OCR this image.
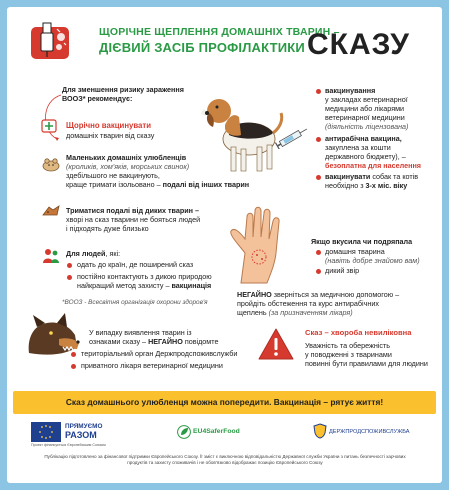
ЩОРІЧНЕ ЩЕПЛЕННЯ ДОМАШНІХ ТВАРИН –
ДІЄВИЙ ЗАСІБ ПРОФІЛАКТИКИ СКАЗУ
Для зменшення ризику зараження
ВООЗ* рекомендує:
Щорічно вакцинувати
домашніх тварин від сказу
Маленьких домашніх улюбленців
(кроликів, хом'яків, морських свинок)
здебільшого не вакцинують,
краще тримати ізольовано – подалі від інших тварин
Триматися подалі від диких тварин –
хворі на сказ тварини не бояться людей
і підходять дуже близько
Для людей, які:
одать до країн, де поширений сказ
постійно контактують з дикою природою
найкращий метод захисту – вакцинація
*ВООЗ - Всесвітня організація охорони здоров'я
вакцинування
у закладах ветеринарної
медицини або лікарями
ветеринарної медицини
(діяльність ліцензована)
антирабічна вакцина,
закуплена за кошти
державного бюджету), –
безоплатна для населення
вакцинувати собак та котів
необхідно з 3-х міс. віку
Якщо вкусила чи подряпала
домашня тварина
(навіть добре знайомо вам)
дикий звір
НЕГАЙНО зверніться за медичною допомогою –
пройдіть обстеження та курс антирабічних
щеплень (за призначенням лікаря)
У випадку виявлення тварин із
ознаками сказу – НЕГАЙНО повідомте
територіальний орган Держпродспоживслужби
приватного лікаря ветеринарної медицини
Сказ – хвороба невиліковна
Уважність та обережність
у поводженні з тваринами
повинні бути правилами для людини
Сказ домашнього улюбленця можна попередити. Вакцинація – рятує життя!
ПРЯМУЄМО
РАЗОМ
Проект фінансується Європейським Союзом
EU4SaferFood	ДЕРЖПРОДСПОЖИВСЛУЖБА
Публікацію підготовлено за фінансової підтримки Європейського Союзу. Її зміст є виключною відповідальністю Державної служби України з питань безпечності харчових продуктів та захисту споживачів і не обов'язково відображає позицію Європейського Союзу
